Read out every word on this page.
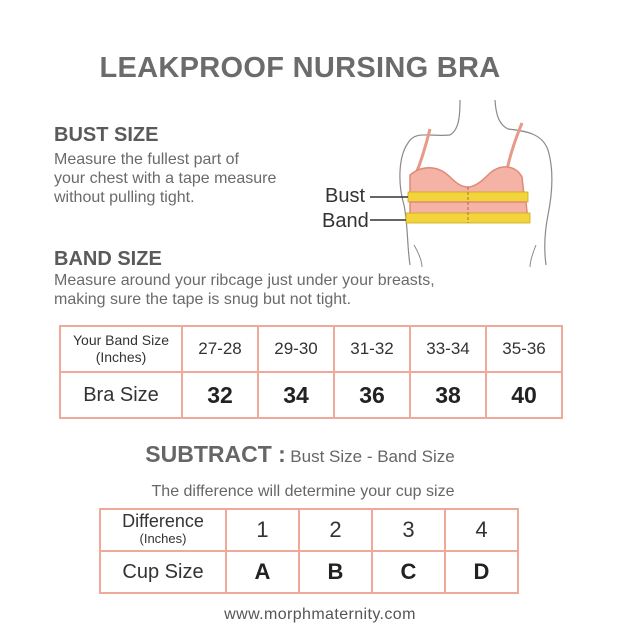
LEAKPROOF NURSING BRA
BUST SIZE
Measure the fullest part of
your chest with a tape measure
without pulling tight.	Bust
Band
BAND SIZE
Measure around your ribcage just under your breasts,
making sure the tape is snug but not tight.
Your Band Size
(Inches)	27-28	29-30	31-32	33-34	35-36
Bra Size	32	34	36	38	40
SUBTRACT : Bust Size - Band Size
The difference will determine your cup size
Difference
(Inches)	1	2	3	4
Cup Size	A	B	C	D
www.morphmaternity.com
